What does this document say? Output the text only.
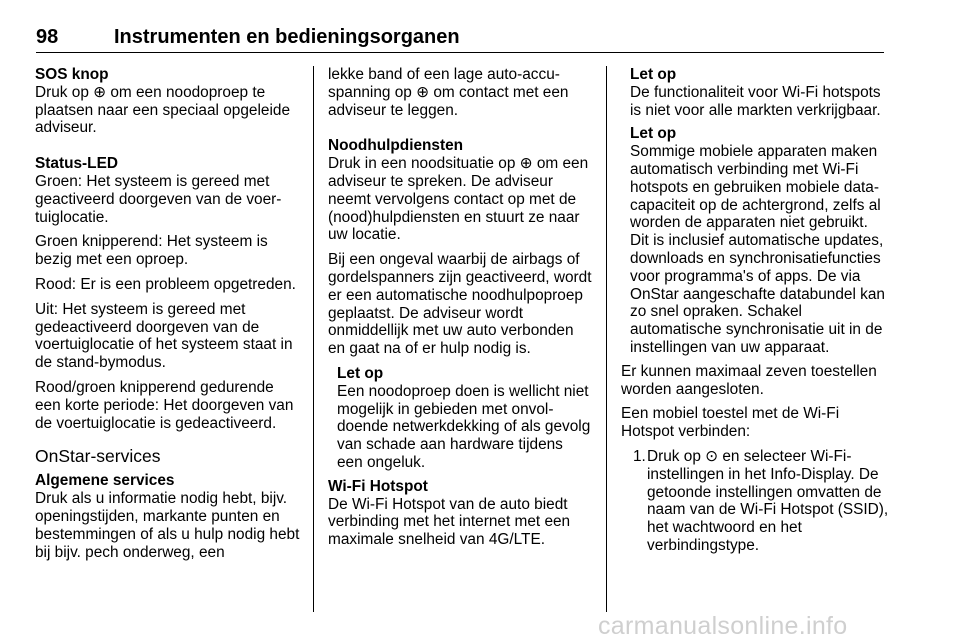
98	Instrumenten en bedieningsorganen
SOS knop
Druk op ⊕ om een noodoproep te plaatsen naar een speciaal opgeleide adviseur.
Status-LED
Groen: Het systeem is gereed met geactiveerd doorgeven van de voertuiglocatie.
Groen knipperend: Het systeem is bezig met een oproep.
Rood: Er is een probleem opgetreden.
Uit: Het systeem is gereed met gedeactiveerd doorgeven van de voertuiglocatie of het systeem staat in de stand-bymodus.
Rood/groen knipperend gedurende een korte periode: Het doorgeven van de voertuiglocatie is gedeactiveerd.
OnStar-services
Algemene services
Druk als u informatie nodig hebt, bijv. openingstijden, markante punten en bestemmingen of als u hulp nodig hebt bij bijv. pech onderweg, een
lekke band of een lage auto-accuspanning op ⊕ om contact met een adviseur te leggen.
Noodhulpdiensten
Druk in een noodsituatie op ⊕ om een adviseur te spreken. De adviseur neemt vervolgens contact op met de (nood)hulpdiensten en stuurt ze naar uw locatie.
Bij een ongeval waarbij de airbags of gordelspanners zijn geactiveerd, wordt er een automatische noodhulpoproep geplaatst. De adviseur wordt onmiddellijk met uw auto verbonden en gaat na of er hulp nodig is.
Let op
Een noodoproep doen is wellicht niet mogelijk in gebieden met onvoldoende netwerkdekking of als gevolg van schade aan hardware tijdens een ongeluk.
Wi-Fi Hotspot
De Wi-Fi Hotspot van de auto biedt verbinding met het internet met een maximale snelheid van 4G/LTE.
Let op
De functionaliteit voor Wi-Fi hotspots is niet voor alle markten verkrijgbaar.
Let op
Sommige mobiele apparaten maken automatisch verbinding met Wi-Fi hotspots en gebruiken mobiele datacapaciteit op de achtergrond, zelfs al worden de apparaten niet gebruikt. Dit is inclusief automatische updates, downloads en synchronisatiefuncties voor programma's of apps. De via OnStar aangeschafte databundel kan zo snel opraken. Schakel automatische synchronisatie uit in de instellingen van uw apparaat.
Er kunnen maximaal zeven toestellen worden aangesloten.
Een mobiel toestel met de Wi-Fi Hotspot verbinden:
1. Druk op ⊙ en selecteer Wi-Fi-instellingen in het Info-Display. De getoonde instellingen omvatten de naam van de Wi-Fi Hotspot (SSID), het wachtwoord en het verbindingstype.
carmanualsonline.info
